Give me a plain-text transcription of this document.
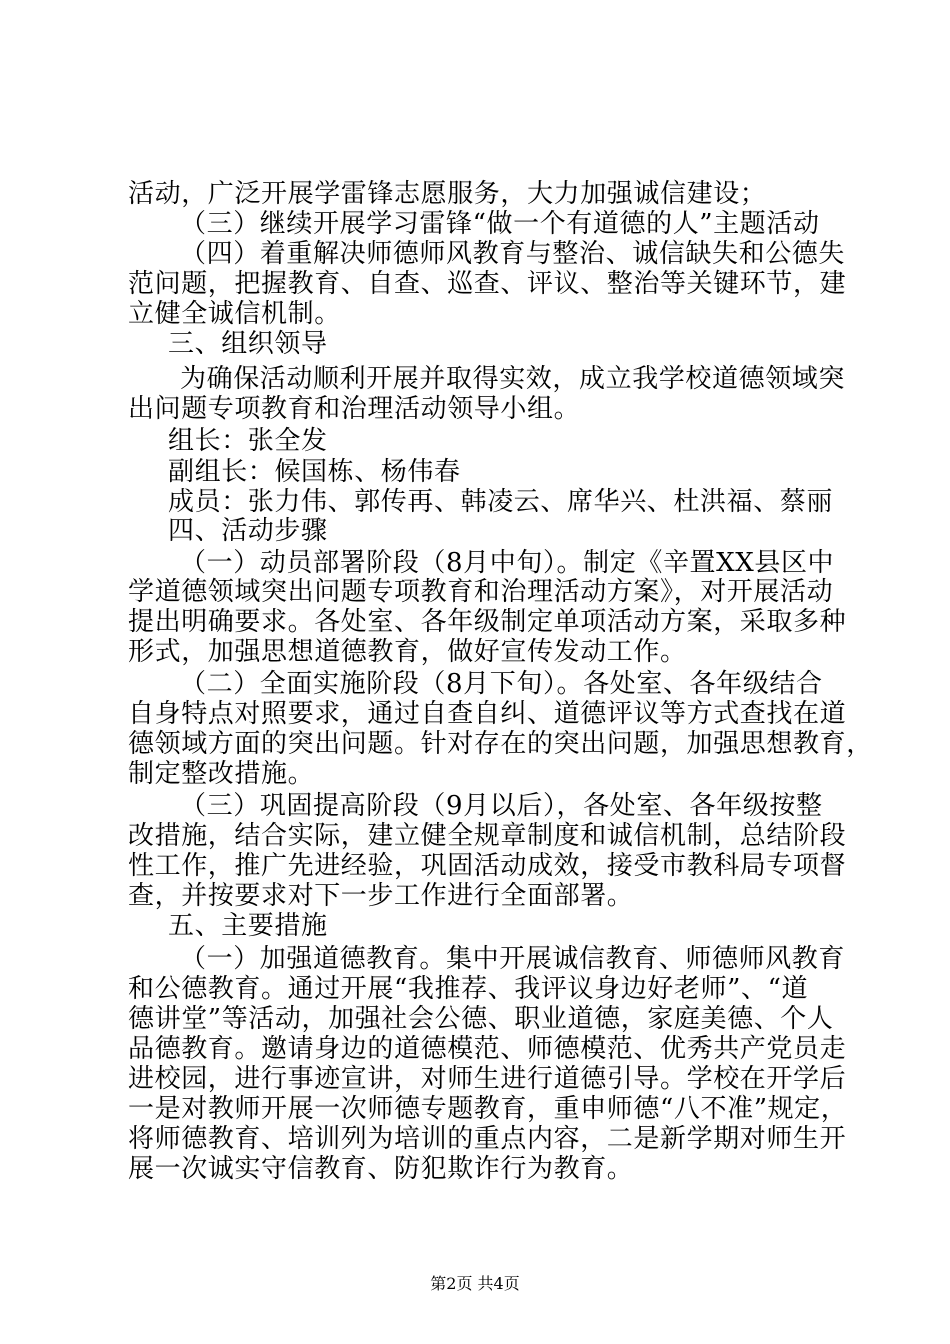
活动，广泛开展学雷锋志愿服务，大力加强诚信建设；
（三）继续开展学习雷锋“做一个有道德的人”主题活动
（四）着重解决师德师风教育与整治、诚信缺失和公德失
范问题，把握教育、自查、巡查、评议、整治等关键环节，建
立健全诚信机制。
三、组织领导
为确保活动顺利开展并取得实效，成立我学校道德领域突
出问题专项教育和治理活动领导小组。
组长：张全发
副组长：候国栋、杨伟春
成员：张力伟、郭传再、韩凌云、席华兴、杜洪福、蔡丽
四、活动步骤
（一）动员部署阶段（8月中旬）。制定《辛置XX县区中
学道德领域突出问题专项教育和治理活动方案》，对开展活动
提出明确要求。各处室、各年级制定单项活动方案，采取多种
形式，加强思想道德教育，做好宣传发动工作。
（二）全面实施阶段（8月下旬）。各处室、各年级结合
自身特点对照要求，通过自查自纠、道德评议等方式查找在道
德领域方面的突出问题。针对存在的突出问题，加强思想教育，
制定整改措施。
（三）巩固提高阶段（9月以后），各处室、各年级按整
改措施，结合实际，建立健全规章制度和诚信机制，总结阶段
性工作，推广先进经验，巩固活动成效，接受市教科局专项督
查，并按要求对下一步工作进行全面部署。
五、主要措施
（一）加强道德教育。集中开展诚信教育、师德师风教育
和公德教育。通过开展“我推荐、我评议身边好老师”、“道
德讲堂”等活动，加强社会公德、职业道德，家庭美德、个人
品德教育。邀请身边的道德模范、师德模范、优秀共产党员走
进校园，进行事迹宣讲，对师生进行道德引导。学校在开学后
一是对教师开展一次师德专题教育，重申师德“八不准”规定，
将师德教育、培训列为培训的重点内容，二是新学期对师生开
展一次诚实守信教育、防犯欺诈行为教育。
第2页 共4页
